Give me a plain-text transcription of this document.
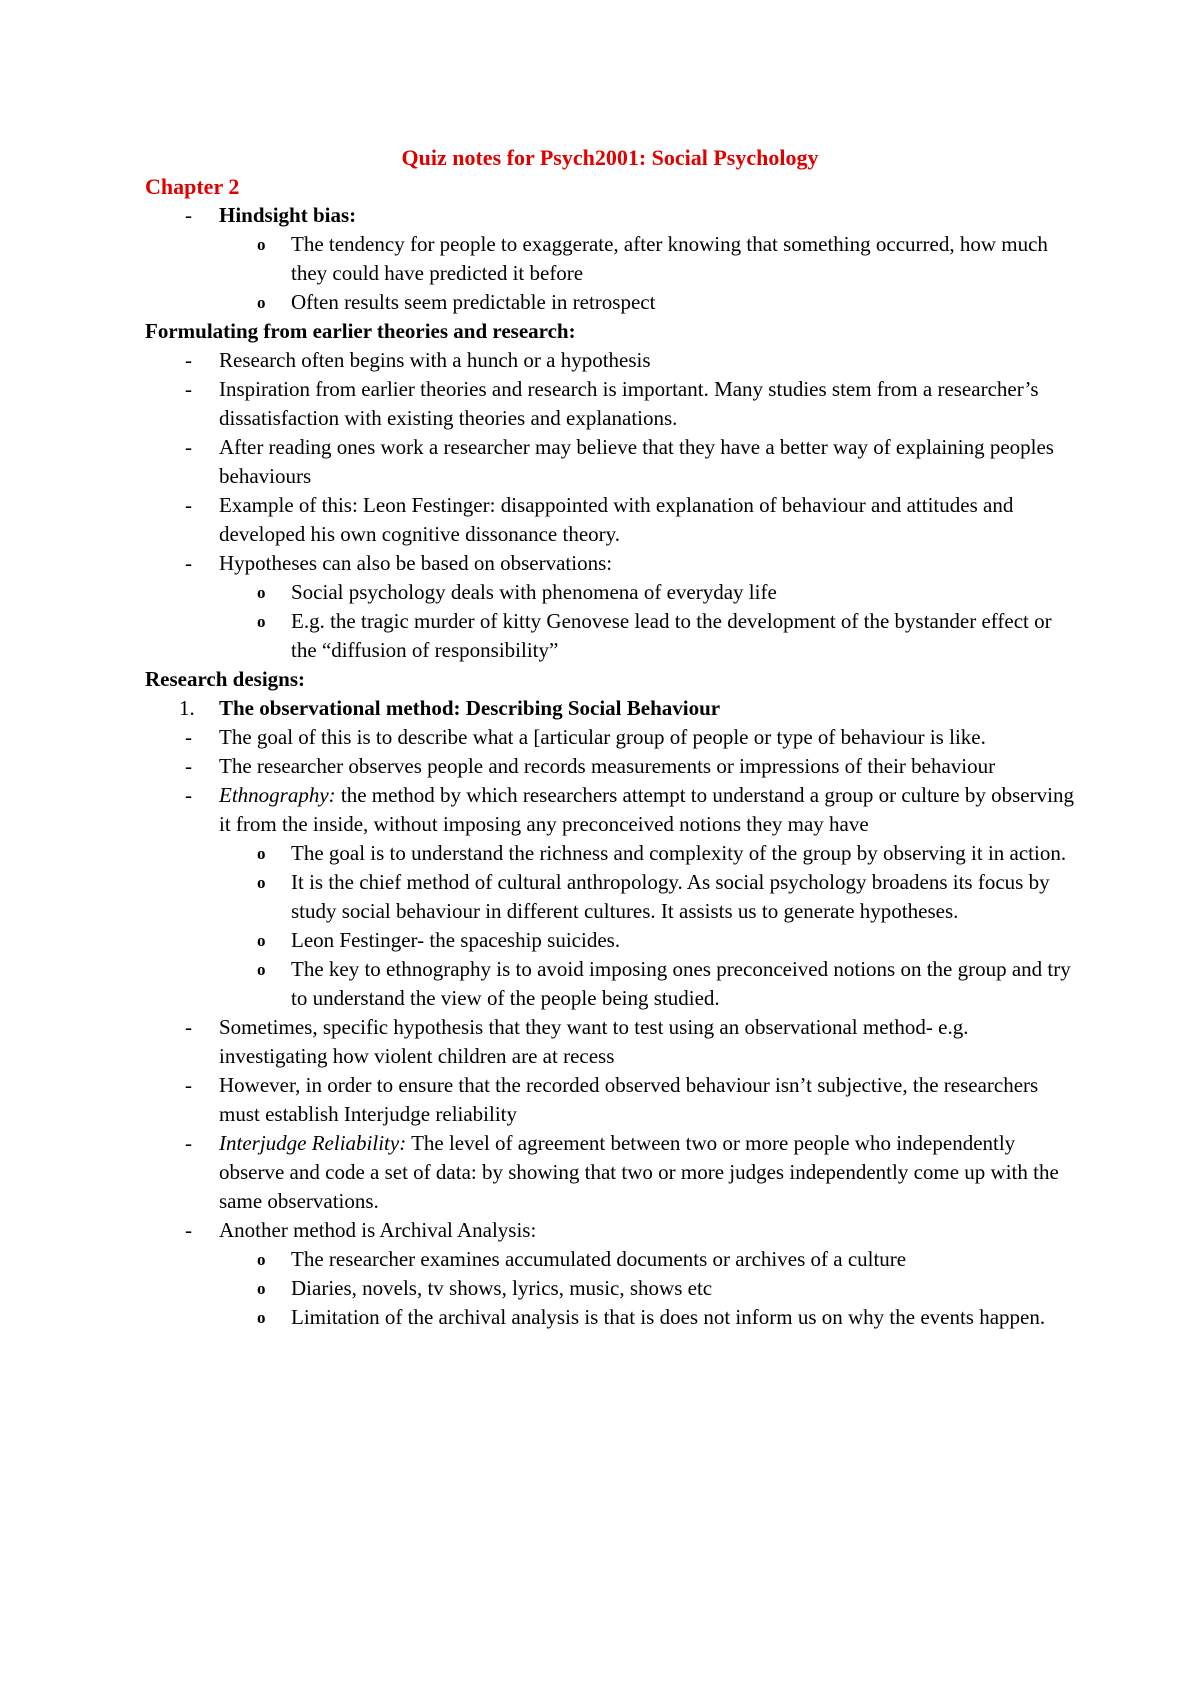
Quiz notes for Psych2001: Social Psychology
Chapter 2
- Hindsight bias:
o The tendency for people to exaggerate, after knowing that something occurred, how much they could have predicted it before
o Often results seem predictable in retrospect
Formulating from earlier theories and research:
- Research often begins with a hunch or a hypothesis
- Inspiration from earlier theories and research is important. Many studies stem from a researcher’s dissatisfaction with existing theories and explanations.
- After reading ones work a researcher may believe that they have a better way of explaining peoples behaviours
- Example of this: Leon Festinger: disappointed with explanation of behaviour and attitudes and developed his own cognitive dissonance theory.
- Hypotheses can also be based on observations:
o Social psychology deals with phenomena of everyday life
o E.g. the tragic murder of kitty Genovese lead to the development of the bystander effect or the “diffusion of responsibility”
Research designs:
1. The observational method: Describing Social Behaviour
- The goal of this is to describe what a [articular group of people or type of behaviour is like.
- The researcher observes people and records measurements or impressions of their behaviour
- Ethnography: the method by which researchers attempt to understand a group or culture by observing it from the inside, without imposing any preconceived notions they may have
o The goal is to understand the richness and complexity of the group by observing it in action.
o It is the chief method of cultural anthropology. As social psychology broadens its focus by study social behaviour in different cultures. It assists us to generate hypotheses.
o Leon Festinger- the spaceship suicides.
o The key to ethnography is to avoid imposing ones preconceived notions on the group and try to understand the view of the people being studied.
- Sometimes, specific hypothesis that they want to test using an observational method- e.g. investigating how violent children are at recess
- However, in order to ensure that the recorded observed behaviour isn’t subjective, the researchers must establish Interjudge reliability
- Interjudge Reliability: The level of agreement between two or more people who independently observe and code a set of data: by showing that two or more judges independently come up with the same observations.
- Another method is Archival Analysis:
o The researcher examines accumulated documents or archives of a culture
o Diaries, novels, tv shows, lyrics, music, shows etc
o Limitation of the archival analysis is that is does not inform us on why the events happen.
